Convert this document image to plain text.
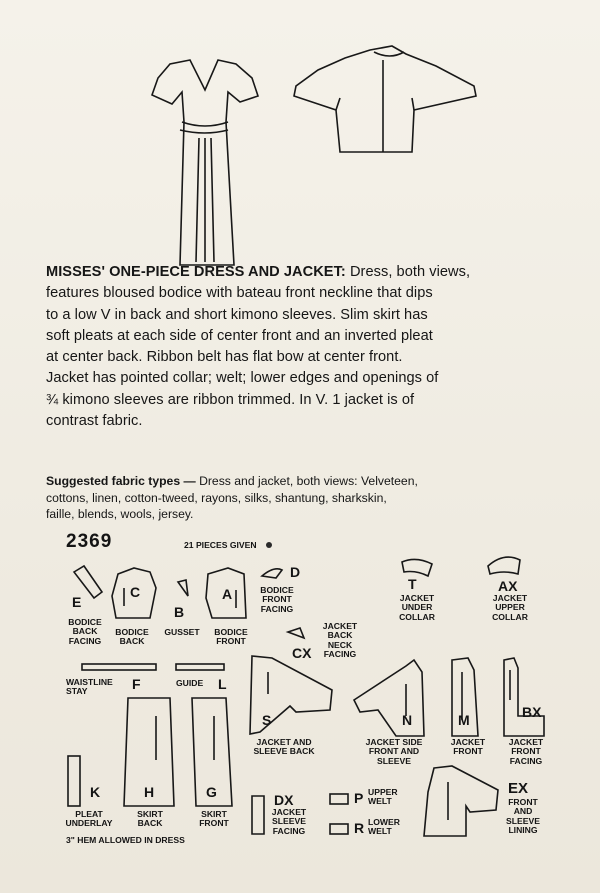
MISSES' ONE-PIECE DRESS AND JACKET: Dress, both views,
features bloused bodice with bateau front neckline that dips
to a low V in back and short kimono sleeves. Slim skirt has
soft pleats at each side of center front and an inverted pleat
at center back. Ribbon belt has flat bow at center front.
Jacket has pointed collar; welt; lower edges and openings of
¾ kimono sleeves are ribbon trimmed. In V. 1 jacket is of
contrast fabric.
Suggested fabric types — Dress and jacket, both views: Velveteen,
cottons, linen, cotton-tweed, rayons, silks, shantung, sharkskin,
faille, blends, wools, jersey.
2369	21 PIECES GIVEN
E
BODICE
BACK
FACING
C
BODICE
BACK
B
GUSSET
A
BODICE
FRONT
D
BODICE
FRONT
FACING
T
JACKET
UNDER
COLLAR
AX
JACKET
UPPER
COLLAR
CX
JACKET
BACK
NECK
FACING
F
WAISTLINE
STAY	L
GUIDE
S
JACKET AND
SLEEVE BACK
N
JACKET SIDE
FRONT AND
SLEEVE
M
JACKET
FRONT
BX
JACKET
FRONT
FACING
K
PLEAT
UNDERLAY
H
SKIRT
BACK
G
SKIRT
FRONT
DX
JACKET
SLEEVE
FACING
P UPPER
WELT
R LOWER
WELT
EX
FRONT
AND
SLEEVE
LINING
3" HEM ALLOWED IN DRESS
